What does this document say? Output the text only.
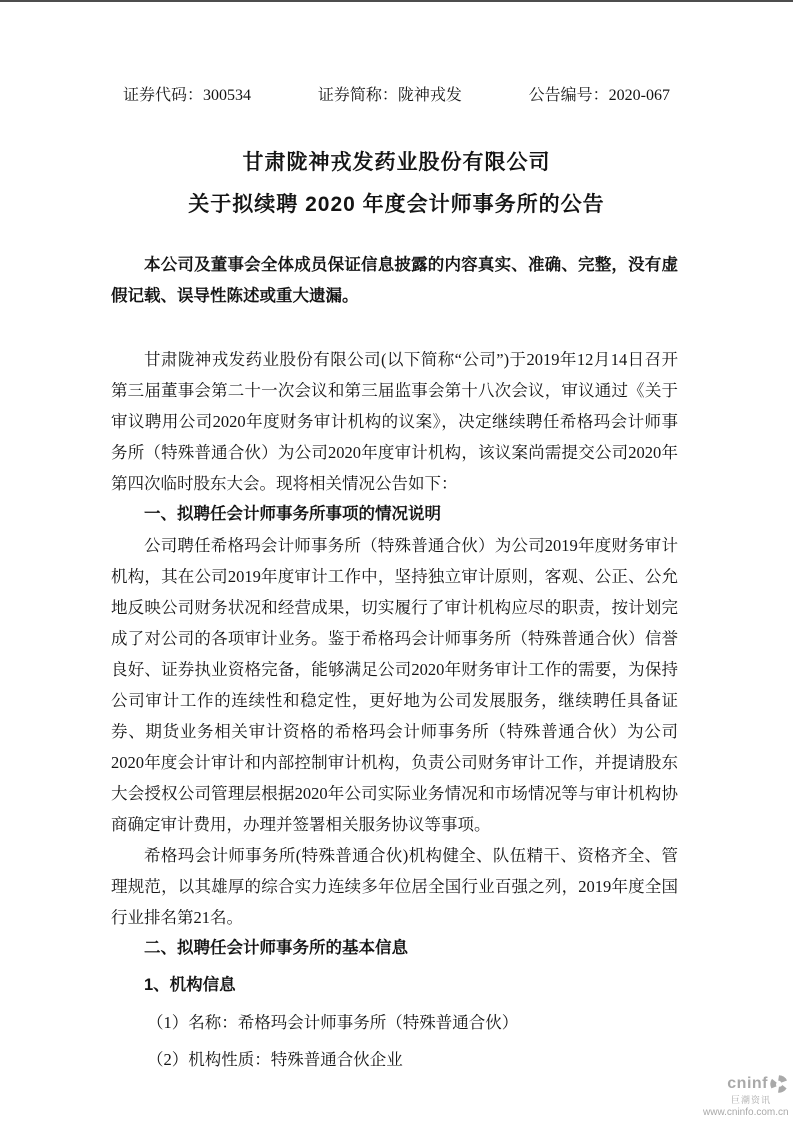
证券代码：300534	证券简称：陇神戎发	公告编号：2020-067
甘肃陇神戎发药业股份有限公司
关于拟续聘 2020 年度会计师事务所的公告

本公司及董事会全体成员保证信息披露的内容真实、准确、完整，没有虚假记载、误导性陈述或重大遗漏。

甘肃陇神戎发药业股份有限公司(以下简称“公司”)于2019年12月14日召开第三届董事会第二十一次会议和第三届监事会第十八次会议，审议通过《关于审议聘用公司2020年度财务审计机构的议案》，决定继续聘任希格玛会计师事务所（特殊普通合伙）为公司2020年度审计机构，该议案尚需提交公司2020年第四次临时股东大会。现将相关情况公告如下：

一、拟聘任会计师事务所事项的情况说明

公司聘任希格玛会计师事务所（特殊普通合伙）为公司2019年度财务审计机构，其在公司2019年度审计工作中，坚持独立审计原则，客观、公正、公允地反映公司财务状况和经营成果，切实履行了审计机构应尽的职责，按计划完成了对公司的各项审计业务。鉴于希格玛会计师事务所（特殊普通合伙）信誉良好、证券执业资格完备，能够满足公司2020年财务审计工作的需要，为保持公司审计工作的连续性和稳定性，更好地为公司发展服务，继续聘任具备证券、期货业务相关审计资格的希格玛会计师事务所（特殊普通合伙）为公司2020年度会计审计和内部控制审计机构，负责公司财务审计工作，并提请股东大会授权公司管理层根据2020年公司实际业务情况和市场情况等与审计机构协商确定审计费用，办理并签署相关服务协议等事项。

希格玛会计师事务所(特殊普通合伙)机构健全、队伍精干、资格齐全、管理规范，以其雄厚的综合实力连续多年位居全国行业百强之列，2019年度全国行业排名第21名。

二、拟聘任会计师事务所的基本信息
1、机构信息

（1）名称：希格玛会计师事务所（特殊普通合伙）

（2）机构性质：特殊普通合伙企业

cninf
巨潮资讯
www.cninfo.com.cn
